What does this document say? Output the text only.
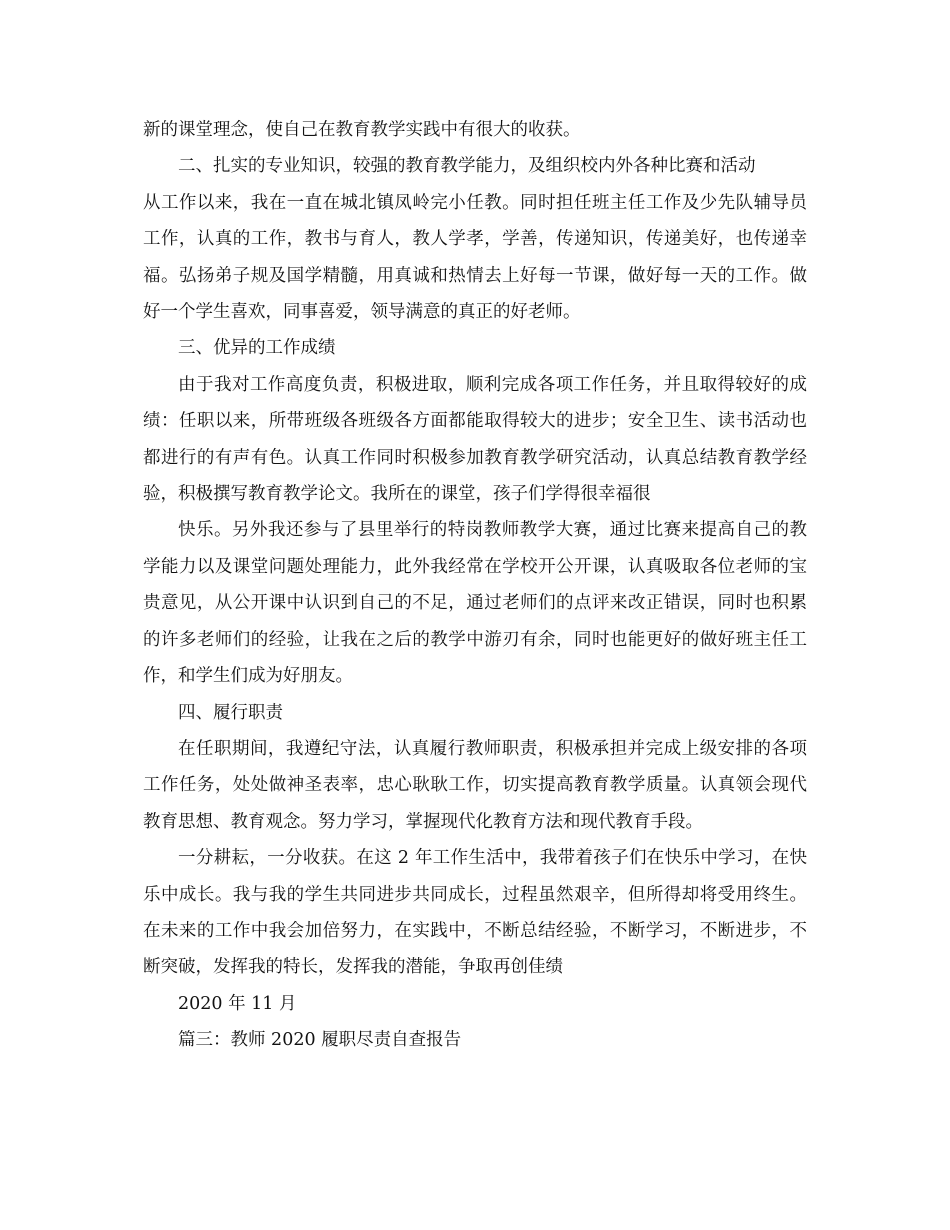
新的课堂理念，使自己在教育教学实践中有很大的收获。

二、扎实的专业知识，较强的教育教学能力，及组织校内外各种比赛和活动

从工作以来，我在一直在城北镇凤岭完小任教。同时担任班主任工作及少先队辅导员工作，认真的工作，教书与育人，教人学孝，学善，传递知识，传递美好，也传递幸福。弘扬弟子规及国学精髓，用真诚和热情去上好每一节课，做好每一天的工作。做好一个学生喜欢，同事喜爱，领导满意的真正的好老师。

三、优异的工作成绩

由于我对工作高度负责，积极进取，顺利完成各项工作任务，并且取得较好的成绩：任职以来，所带班级各班级各方面都能取得较大的进步；安全卫生、读书活动也都进行的有声有色。认真工作同时积极参加教育教学研究活动，认真总结教育教学经验，积极撰写教育教学论文。我所在的课堂，孩子们学得很幸福很

快乐。另外我还参与了县里举行的特岗教师教学大赛，通过比赛来提高自己的教学能力以及课堂问题处理能力，此外我经常在学校开公开课，认真吸取各位老师的宝贵意见，从公开课中认识到自己的不足，通过老师们的点评来改正错误，同时也积累的许多老师们的经验，让我在之后的教学中游刃有余，同时也能更好的做好班主任工作，和学生们成为好朋友。

四、履行职责

在任职期间，我遵纪守法，认真履行教师职责，积极承担并完成上级安排的各项工作任务，处处做神圣表率，忠心耿耿工作，切实提高教育教学质量。认真领会现代教育思想、教育观念。努力学习，掌握现代化教育方法和现代教育手段。

一分耕耘，一分收获。在这 2 年工作生活中，我带着孩子们在快乐中学习，在快乐中成长。我与我的学生共同进步共同成长，过程虽然艰辛，但所得却将受用终生。在未来的工作中我会加倍努力，在实践中，不断总结经验，不断学习，不断进步，不断突破，发挥我的特长，发挥我的潜能，争取再创佳绩

2020 年 11 月

篇三：教师 2020 履职尽责自查报告
